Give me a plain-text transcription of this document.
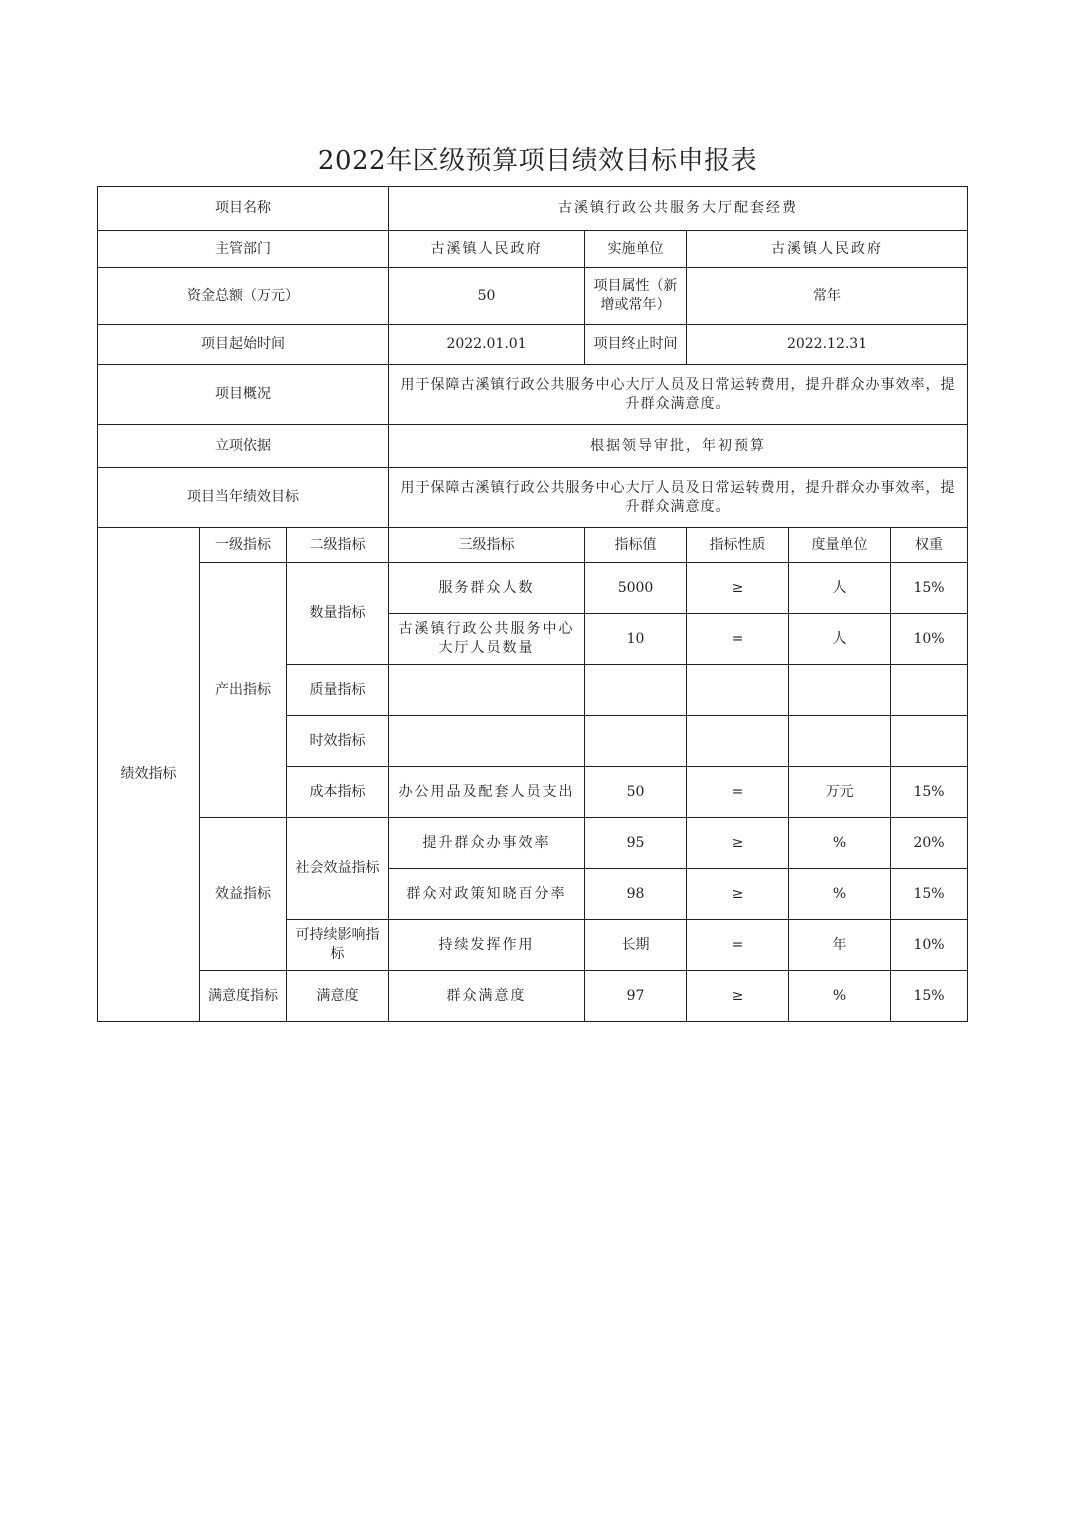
2022年区级预算项目绩效目标申报表
项目名称			古溪镇行政公共服务大厅配套经费				
主管部门			古溪镇人民政府	实施单位	古溪镇人民政府		
资金总额（万元）			50	项目属性（新增或常年）	常年		
项目起始时间			2022.01.01	项目终止时间	2022.12.31		
项目概况			用于保障古溪镇行政公共服务中心大厅人员及日常运转费用，提升群众办事效率，提升群众满意度。				
立项依据			根据领导审批，年初预算				
项目当年绩效目标			用于保障古溪镇行政公共服务中心大厅人员及日常运转费用，提升群众办事效率，提升群众满意度。				
绩效指标	一级指标	二级指标	三级指标	指标值	指标性质	度量单位	权重
	产出指标	数量指标	服务群众人数	5000	≥	人	15%
			古溪镇行政公共服务中心大厅人员数量	10	=	人	10%
		质量指标					
		时效指标					
		成本指标	办公用品及配套人员支出	50	=	万元	15%
	效益指标	社会效益指标	提升群众办事效率	95	≥	%	20%
			群众对政策知晓百分率	98	≥	%	15%
		可持续影响指标	持续发挥作用	长期	=	年	10%
	满意度指标	满意度	群众满意度	97	≥	%	15%
